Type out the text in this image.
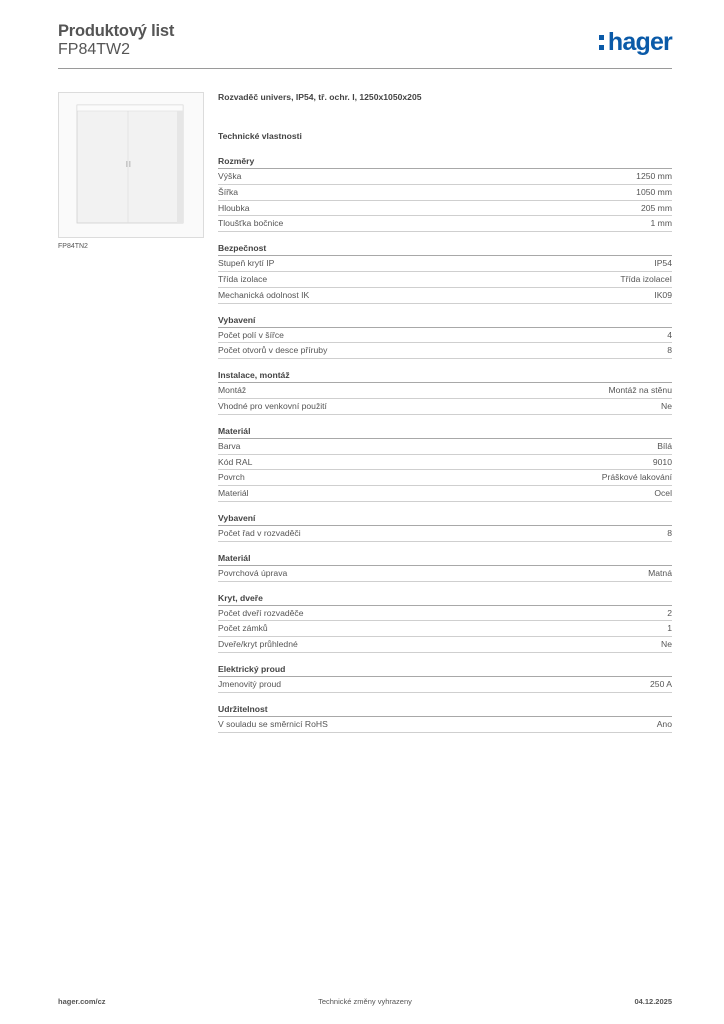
Produktový list
FP84TW2	hager
FP84TN2
Rozvaděč univers, IP54, tř. ochr. I, 1250x1050x205
Technické vlastnosti
Rozměry
Výška	1250 mm
Šířka	1050 mm
Hloubka	205 mm
Tloušťka bočnice	1 mm
Bezpečnost
Stupeň krytí IP	IP54
Třída izolace	Třída izolaceI
Mechanická odolnost IK	IK09
Vybavení
Počet polí v šířce	4
Počet otvorů v desce příruby	8
Instalace, montáž
Montáž	Montáž na stěnu
Vhodné pro venkovní použití	Ne
Materiál
Barva	Bílá
Kód RAL	9010
Povrch	Práškové lakování
Materiál	Ocel
Vybavení
Počet řad v rozvaděči	8
Materiál
Povrchová úprava	Matná
Kryt, dveře
Počet dveří rozvaděče	2
Počet zámků	1
Dveře/kryt průhledné	Ne
Elektrický proud
Jmenovitý proud	250 A
Udržitelnost
V souladu se směrnicí RoHS	Ano
hager.com/cz	Technické změny vyhrazeny	04.12.2025
